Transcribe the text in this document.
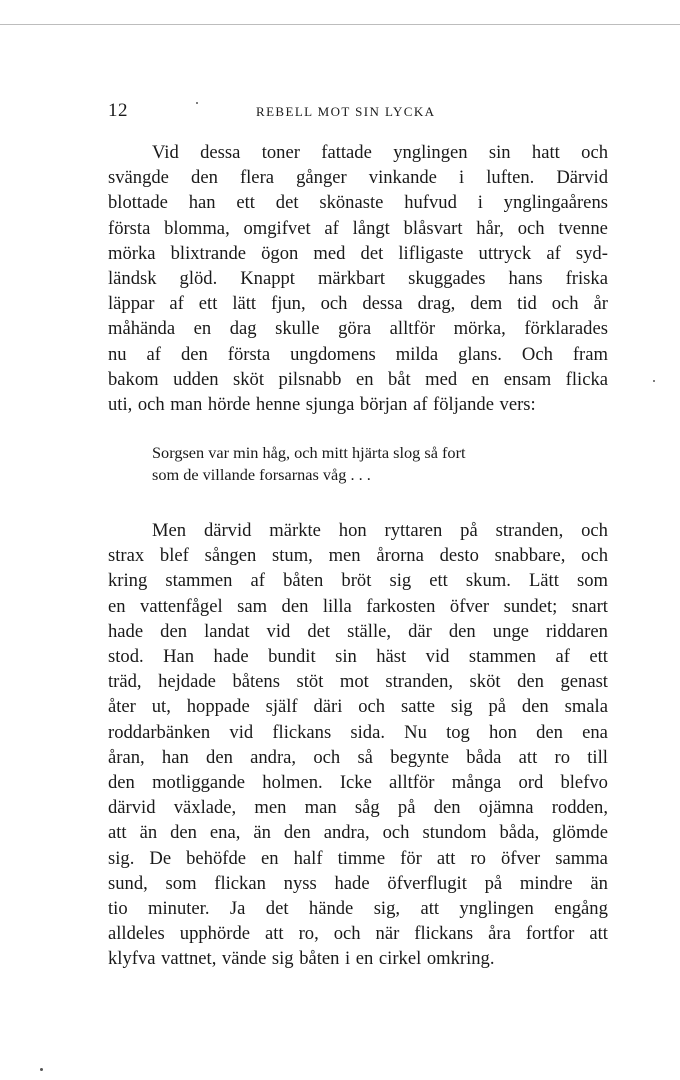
12	REBELL MOT SIN LYCKA
Vid dessa toner fattade ynglingen sin hatt och
svängde den flera gånger vinkande i luften. Därvid
blottade han ett det skönaste hufvud i ynglingaårens
första blomma, omgifvet af långt blåsvart hår, och tvenne
mörka blixtrande ögon med det lifligaste uttryck af syd-
ländsk glöd. Knappt märkbart skuggades hans friska
läppar af ett lätt fjun, och dessa drag, dem tid och år
måhända en dag skulle göra alltför mörka, förklarades
nu af den första ungdomens milda glans. Och fram
bakom udden sköt pilsnabb en båt med en ensam flicka
uti, och man hörde henne sjunga början af följande vers:
Sorgsen var min håg, och mitt hjärta slog så fort
som de villande forsarnas våg . . .
Men därvid märkte hon ryttaren på stranden, och
strax blef sången stum, men årorna desto snabbare, och
kring stammen af båten bröt sig ett skum. Lätt som
en vattenfågel sam den lilla farkosten öfver sundet; snart
hade den landat vid det ställe, där den unge riddaren
stod. Han hade bundit sin häst vid stammen af ett
träd, hejdade båtens stöt mot stranden, sköt den genast
åter ut, hoppade själf däri och satte sig på den smala
roddarbänken vid flickans sida. Nu tog hon den ena
åran, han den andra, och så begynte båda att ro till
den motliggande holmen. Icke alltför många ord blefvo
därvid växlade, men man såg på den ojämna rodden,
att än den ena, än den andra, och stundom båda, glömde
sig. De behöfde en half timme för att ro öfver samma
sund, som flickan nyss hade öfverflugit på mindre än
tio minuter. Ja det hände sig, att ynglingen engång
alldeles upphörde att ro, och när flickans åra fortfor att
klyfva vattnet, vände sig båten i en cirkel omkring.
